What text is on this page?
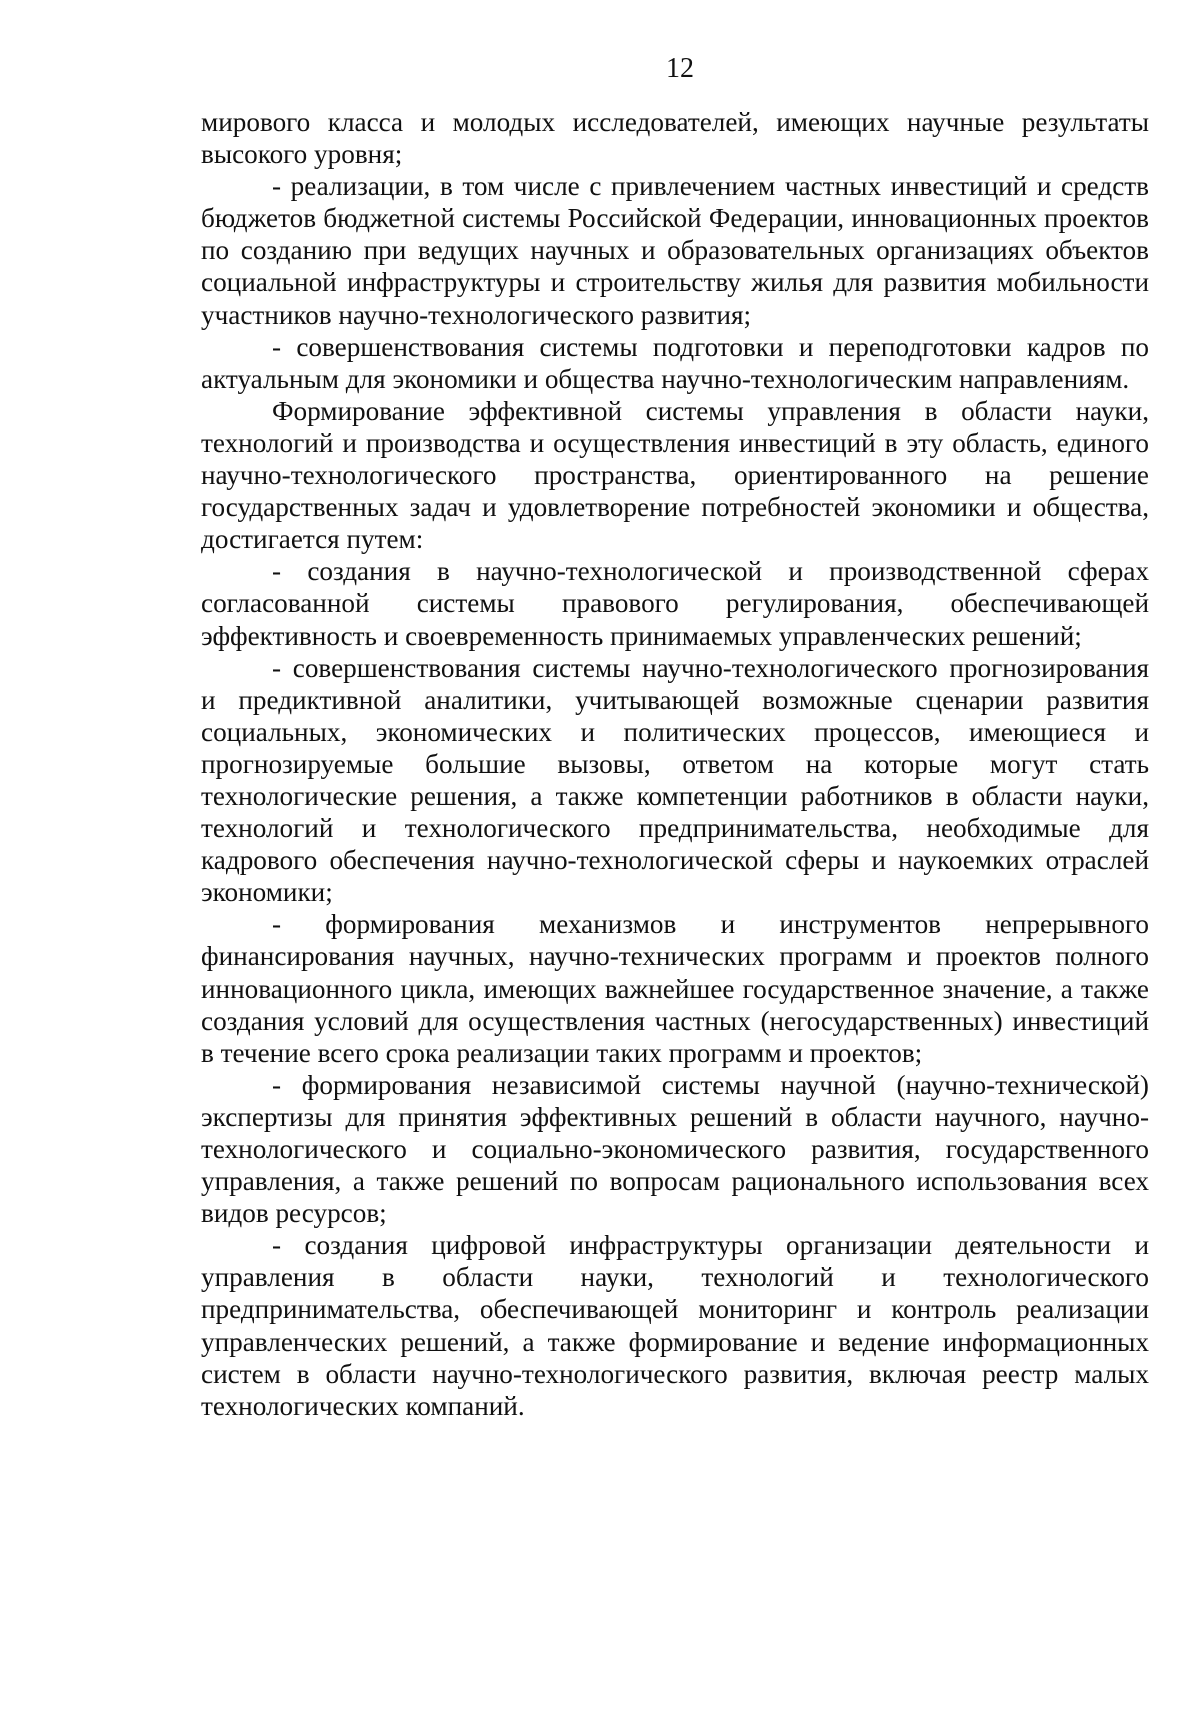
12

мирового класса и молодых исследователей, имеющих научные результаты высокого уровня;

- реализации, в том числе с привлечением частных инвестиций и средств бюджетов бюджетной системы Российской Федерации, инновационных проектов по созданию при ведущих научных и образовательных организациях объектов социальной инфраструктуры и строительству жилья для развития мобильности участников научно-технологического развития;

- совершенствования системы подготовки и переподготовки кадров по актуальным для экономики и общества научно-технологическим направлениям.

Формирование эффективной системы управления в области науки, технологий и производства и осуществления инвестиций в эту область, единого научно-технологического пространства, ориентированного на решение государственных задач и удовлетворение потребностей экономики и общества, достигается путем:

- создания в научно-технологической и производственной сферах согласованной системы правового регулирования, обеспечивающей эффективность и своевременность принимаемых управленческих решений;

- совершенствования системы научно-технологического прогнозирования и предиктивной аналитики, учитывающей возможные сценарии развития социальных, экономических и политических процессов, имеющиеся и прогнозируемые большие вызовы, ответом на которые могут стать технологические решения, а также компетенции работников в области науки, технологий и технологического предпринимательства, необходимые для кадрового обеспечения научно-технологической сферы и наукоемких отраслей экономики;

- формирования механизмов и инструментов непрерывного финансирования научных, научно-технических программ и проектов полного инновационного цикла, имеющих важнейшее государственное значение, а также создания условий для осуществления частных (негосударственных) инвестиций в течение всего срока реализации таких программ и проектов;

- формирования независимой системы научной (научно-технической) экспертизы для принятия эффективных решений в области научного, научно-технологического и социально-экономического развития, государственного управления, а также решений по вопросам рационального использования всех видов ресурсов;

- создания цифровой инфраструктуры организации деятельности и управления в области науки, технологий и технологического предпринимательства, обеспечивающей мониторинг и контроль реализации управленческих решений, а также формирование и ведение информационных систем в области научно-технологического развития, включая реестр малых технологических компаний.
